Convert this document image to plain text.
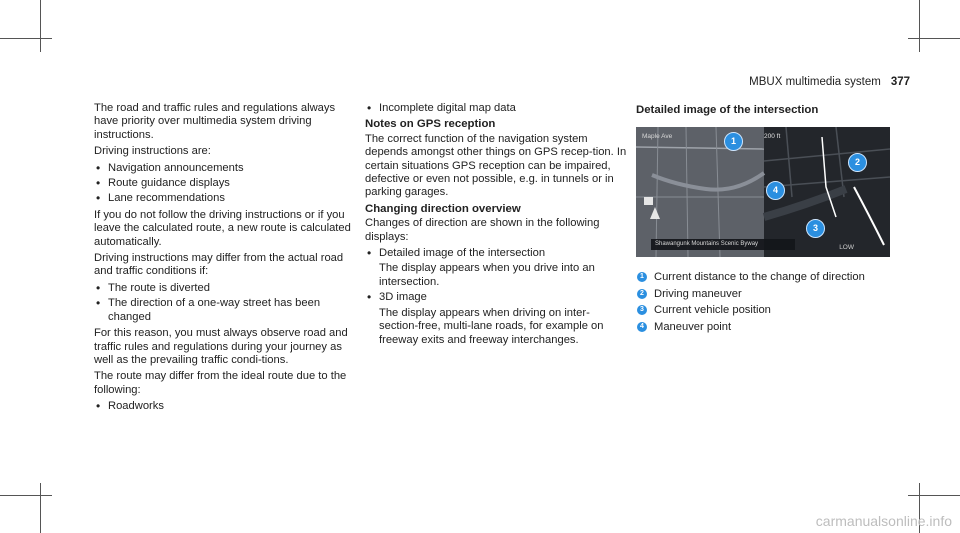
MBUX multimedia system 377

The road and traffic rules and regulations always have priority over multimedia system driving instructions.

Driving instructions are:

• Navigation announcements
• Route guidance displays
• Lane recommendations

If you do not follow the driving instructions or if you leave the calculated route, a new route is calculated automatically.

Driving instructions may differ from the actual road and traffic conditions if:

• The route is diverted
• The direction of a one-way street has been changed

For this reason, you must always observe road and traffic rules and regulations during your journey as well as the prevailing traffic condi-tions.

The route may differ from the ideal route due to the following:

• Roadworks
• Incomplete digital map data
Notes on GPS reception

The correct function of the navigation system depends amongst other things on GPS recep-tion. In certain situations GPS reception can be impaired, defective or even not possible, e.g. in tunnels or in parking garages.

Changing direction overview

Changes of direction are shown in the following displays:

• Detailed image of the intersection
The display appears when you drive into an intersection.
• 3D image
The display appears when driving on inter-section-free, multi-lane roads, for example on freeway exits and freeway interchanges.
Detailed image of the intersection
Maple Ave	200 ft
Shawangunk Mountains Scenic Byway	LOW
1
2
3
4
1 Current distance to the change of direction
2 Driving maneuver
3 Current vehicle position
4 Maneuver point
carmanualsonline.info
